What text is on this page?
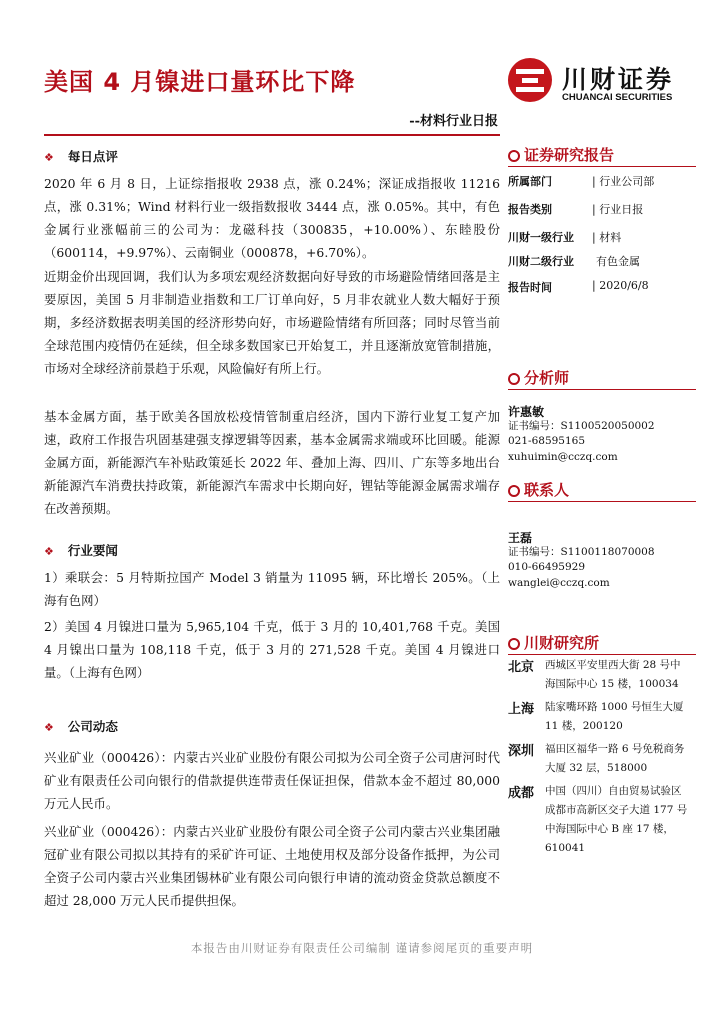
美国 4 月镍进口量环比下降
--材料行业日报
川财证券
CHUANCAI SECURITIES
❖ 每日点评

2020 年 6 月 8 日，上证综指报收 2938 点，涨 0.24%；深证成指报收 11216 点，涨 0.31%；Wind 材料行业一级指数报收 3444 点，涨 0.05%。其中，有色金属行业涨幅前三的公司为：龙磁科技（300835，+10.00%）、东睦股份（600114，+9.97%）、云南铜业（000878，+6.70%）。

近期金价出现回调，我们认为多项宏观经济数据向好导致的市场避险情绪回落是主要原因，美国 5 月非制造业指数和工厂订单向好，5 月非农就业人数大幅好于预期，多经济数据表明美国的经济形势向好，市场避险情绪有所回落；同时尽管当前全球范围内疫情仍在延续，但全球多数国家已开始复工，并且逐渐放宽管制措施，市场对全球经济前景趋于乐观，风险偏好有所上行。

基本金属方面，基于欧美各国放松疫情管制重启经济，国内下游行业复工复产加速，政府工作报告巩固基建强支撑逻辑等因素，基本金属需求端或环比回暖。能源金属方面，新能源汽车补贴政策延长 2022 年、叠加上海、四川、广东等多地出台新能源汽车消费扶持政策，新能源汽车需求中长期向好，锂钴等能源金属需求端存在改善预期。

❖ 行业要闻

1）乘联会：5 月特斯拉国产 Model 3 销量为 11095 辆，环比增长 205%。（上海有色网）

2）美国 4 月镍进口量为 5,965,104 千克，低于 3 月的 10,401,768 千克。美国 4 月镍出口量为 108,118 千克，低于 3 月的 271,528 千克。美国 4 月镍进口量。（上海有色网）

❖ 公司动态

兴业矿业（000426）：内蒙古兴业矿业股份有限公司拟为公司全资子公司唐河时代矿业有限责任公司向银行的借款提供连带责任保证担保，借款本金不超过 80,000 万元人民币。

兴业矿业（000426）：内蒙古兴业矿业股份有限公司全资子公司内蒙古兴业集团融冠矿业有限公司拟以其持有的采矿许可证、土地使用权及部分设备作抵押，为公司全资子公司内蒙古兴业集团锡林矿业有限公司向银行申请的流动资金贷款总额度不超过 28,000 万元人民币提供担保。

证券研究报告
所属部门	| 行业公司部
报告类别	| 行业日报
川财一级行业 | 材料
川财二级行业 有色金属
报告时间	| 2020/6/8
分析师
许惠敏
证书编号：S1100520050002
021-68595165
xuhuimin@cczq.com
联系人
王磊
证书编号：S1100118070008
010-66495929
wanglei@cczq.com
川财研究所
北京 西城区平安里西大街 28 号中海国际中心 15 楼，100034
上海 陆家嘴环路 1000 号恒生大厦 11 楼，200120
深圳 福田区福华一路 6 号免税商务大厦 32 层，518000
成都 中国（四川）自由贸易试验区成都市高新区交子大道 177 号中海国际中心 B 座 17 楼，610041
本报告由川财证券有限责任公司编制 谨请参阅尾页的重要声明
